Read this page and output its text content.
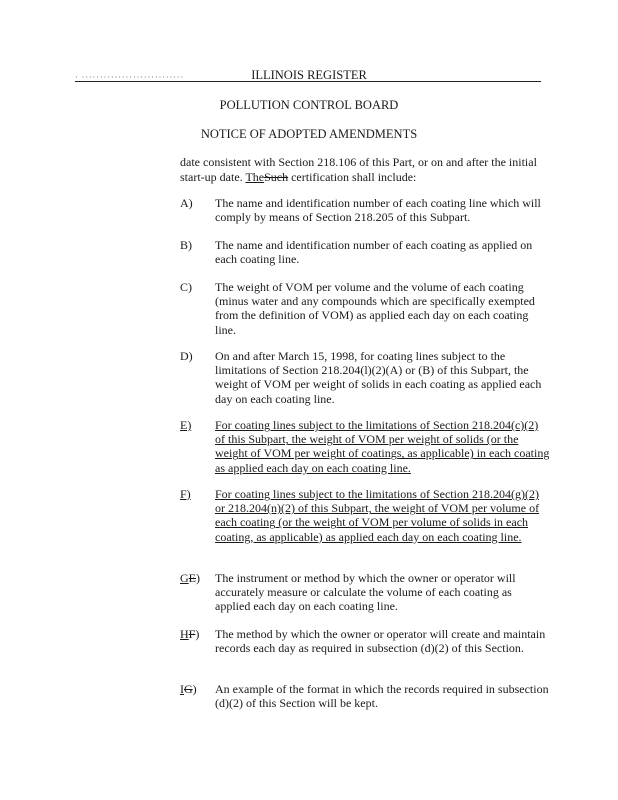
· ····························	ILLINOIS REGISTER
POLLUTION CONTROL BOARD
NOTICE OF ADOPTED AMENDMENTS

date consistent with Section 218.106 of this Part, or on and after the initial
start-up date. TheSuch certification shall include:

A)	The name and identification number of each coating line which will comply by means of Section 218.205 of this Subpart.
B)	The name and identification number of each coating as applied on each coating line.
C)	The weight of VOM per volume and the volume of each coating (minus water and any compounds which are specifically exempted from the definition of VOM) as applied each day on each coating line.
D)	On and after March 15, 1998, for coating lines subject to the limitations of Section 218.204(l)(2)(A) or (B) of this Subpart, the weight of VOM per weight of solids in each coating as applied each day on each coating line.
E)	For coating lines subject to the limitations of Section 218.204(c)(2) of this Subpart, the weight of VOM per weight of solids (or the weight of VOM per weight of coatings, as applicable) in each coating as applied each day on each coating line.
F)	For coating lines subject to the limitations of Section 218.204(g)(2) or 218.204(n)(2) of this Subpart, the weight of VOM per volume of each coating (or the weight of VOM per volume of solids in each coating, as applicable) as applied each day on each coating line.
GE)	The instrument or method by which the owner or operator will accurately measure or calculate the volume of each coating as applied each day on each coating line.
HF)	The method by which the owner or operator will create and maintain records each day as required in subsection (d)(2) of this Section.
IG)	An example of the format in which the records required in subsection (d)(2) of this Section will be kept.
